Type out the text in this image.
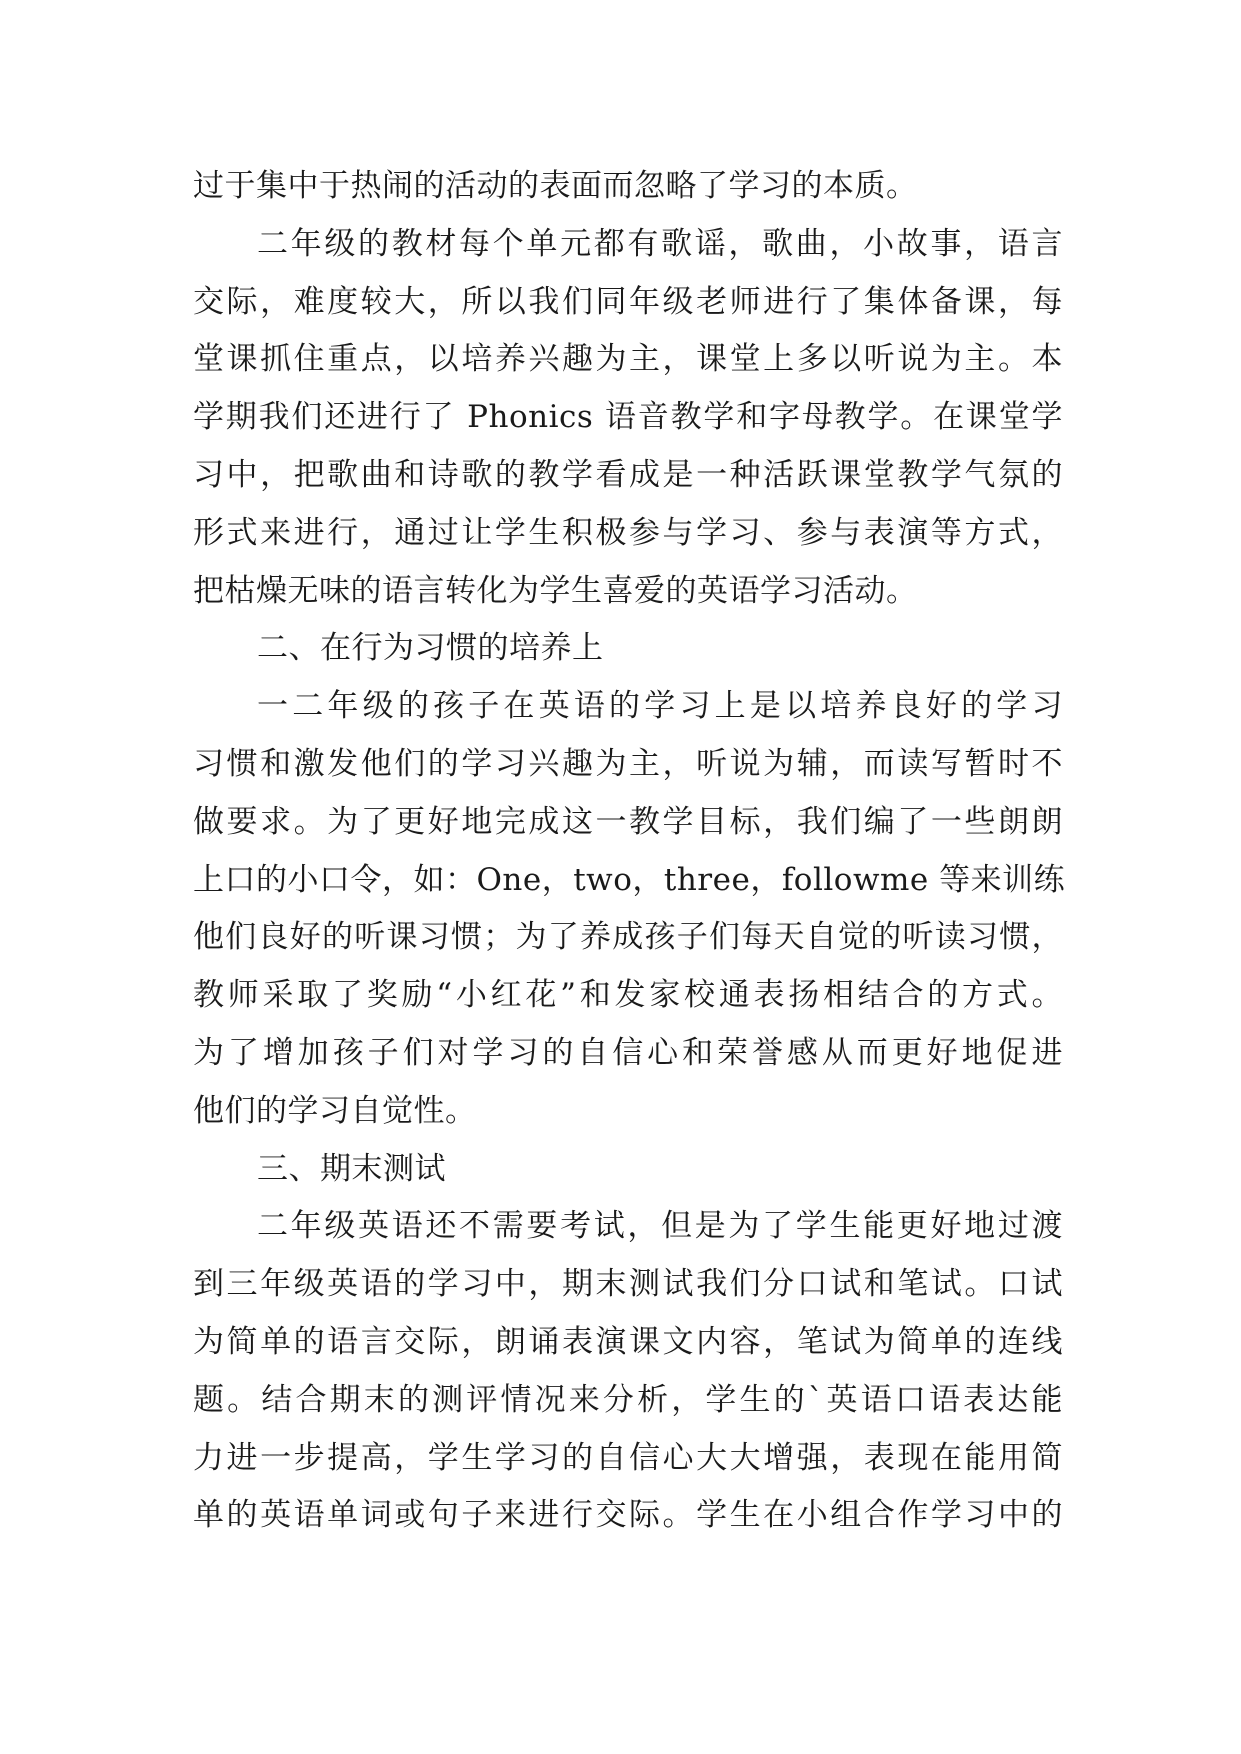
过于集中于热闹的活动的表面而忽略了学习的本质。
二年级的教材每个单元都有歌谣，歌曲，小故事，语言
交际，难度较大，所以我们同年级老师进行了集体备课，每
堂课抓住重点，以培养兴趣为主，课堂上多以听说为主。本
学期我们还进行了 Phonics 语音教学和字母教学。在课堂学
习中，把歌曲和诗歌的教学看成是一种活跃课堂教学气氛的
形式来进行，通过让学生积极参与学习、参与表演等方式，
把枯燥无味的语言转化为学生喜爱的英语学习活动。
二、在行为习惯的培养上
一二年级的孩子在英语的学习上是以培养良好的学习
习惯和激发他们的学习兴趣为主，听说为辅，而读写暂时不
做要求。为了更好地完成这一教学目标，我们编了一些朗朗
上口的小口令，如：One，two，three，followme 等来训练
他们良好的听课习惯；为了养成孩子们每天自觉的听读习惯，
教师采取了奖励“小红花”和发家校通表扬相结合的方式。
为了增加孩子们对学习的自信心和荣誉感从而更好地促进
他们的学习自觉性。
三、期末测试
二年级英语还不需要考试，但是为了学生能更好地过渡
到三年级英语的学习中，期末测试我们分口试和笔试。口试
为简单的语言交际，朗诵表演课文内容，笔试为简单的连线
题。结合期末的测评情况来分析，学生的`英语口语表达能
力进一步提高，学生学习的自信心大大增强，表现在能用简
单的英语单词或句子来进行交际。学生在小组合作学习中的
